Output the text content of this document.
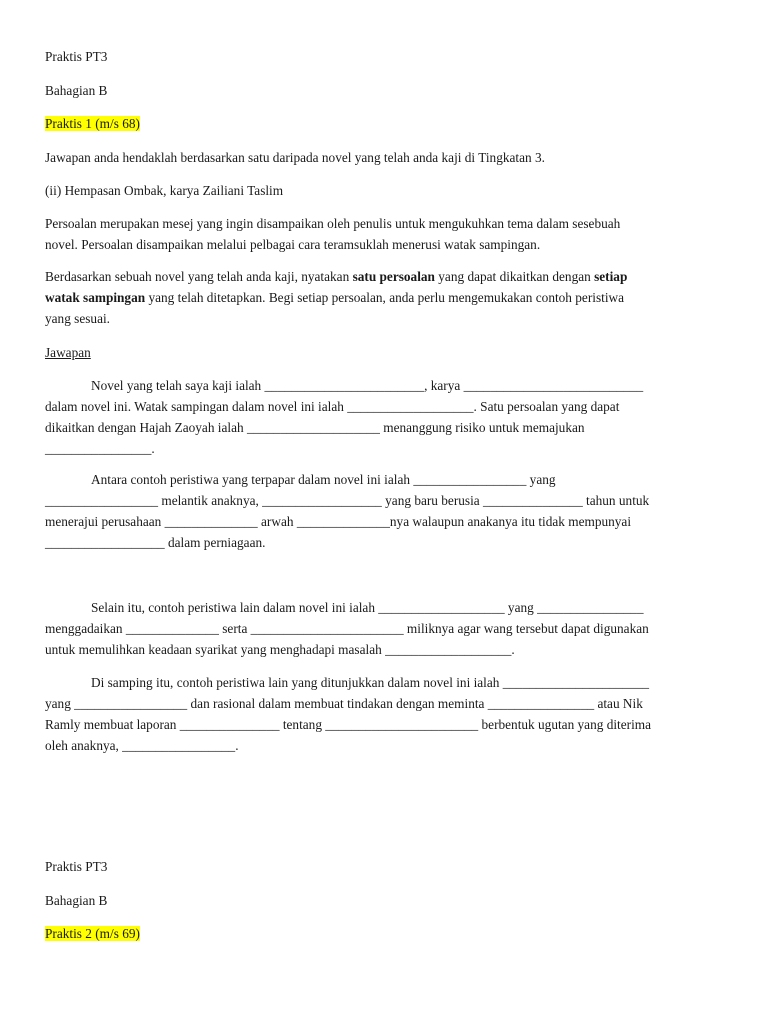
Praktis PT3
Bahagian B
Praktis 1 (m/s 68)
Jawapan anda hendaklah berdasarkan satu daripada novel yang telah anda kaji di Tingkatan 3.
(ii) Hempasan Ombak, karya Zailiani Taslim
Persoalan merupakan mesej yang ingin disampaikan oleh penulis untuk mengukuhkan tema dalam sesebuah
novel. Persoalan disampaikan melalui pelbagai cara teramsuklah menerusi watak sampingan.
Berdasarkan sebuah novel yang telah anda kaji, nyatakan satu persoalan yang dapat dikaitkan dengan setiap
watak sampingan yang telah ditetapkan. Begi setiap persoalan, anda perlu mengemukakan contoh peristiwa
yang sesuai.
Jawapan
Novel yang telah saya kaji ialah ________________________, karya ___________________________
dalam novel ini. Watak sampingan dalam novel ini ialah ___________________. Satu persoalan yang dapat
dikaitkan dengan Hajah Zaoyah ialah ____________________ menanggung risiko untuk memajukan
________________.
Antara contoh peristiwa yang terpapar dalam novel ini ialah _________________ yang
_________________ melantik anaknya, __________________ yang baru berusia _______________ tahun untuk
menerajui perusahaan ______________ arwah ______________nya walaupun anakanya itu tidak mempunyai
__________________ dalam perniagaan.
Selain itu, contoh peristiwa lain dalam novel ini ialah ___________________ yang ________________
menggadaikan ______________ serta _______________________ miliknya agar wang tersebut dapat digunakan
untuk memulihkan keadaan syarikat yang menghadapi masalah ___________________.
Di samping itu, contoh peristiwa lain yang ditunjukkan dalam novel ini ialah ______________________
yang _________________ dan rasional dalam membuat tindakan dengan meminta ________________ atau Nik
Ramly membuat laporan _______________ tentang _______________________ berbentuk ugutan yang diterima
oleh anaknya, _________________.
Praktis PT3
Bahagian B
Praktis 2 (m/s 69)
